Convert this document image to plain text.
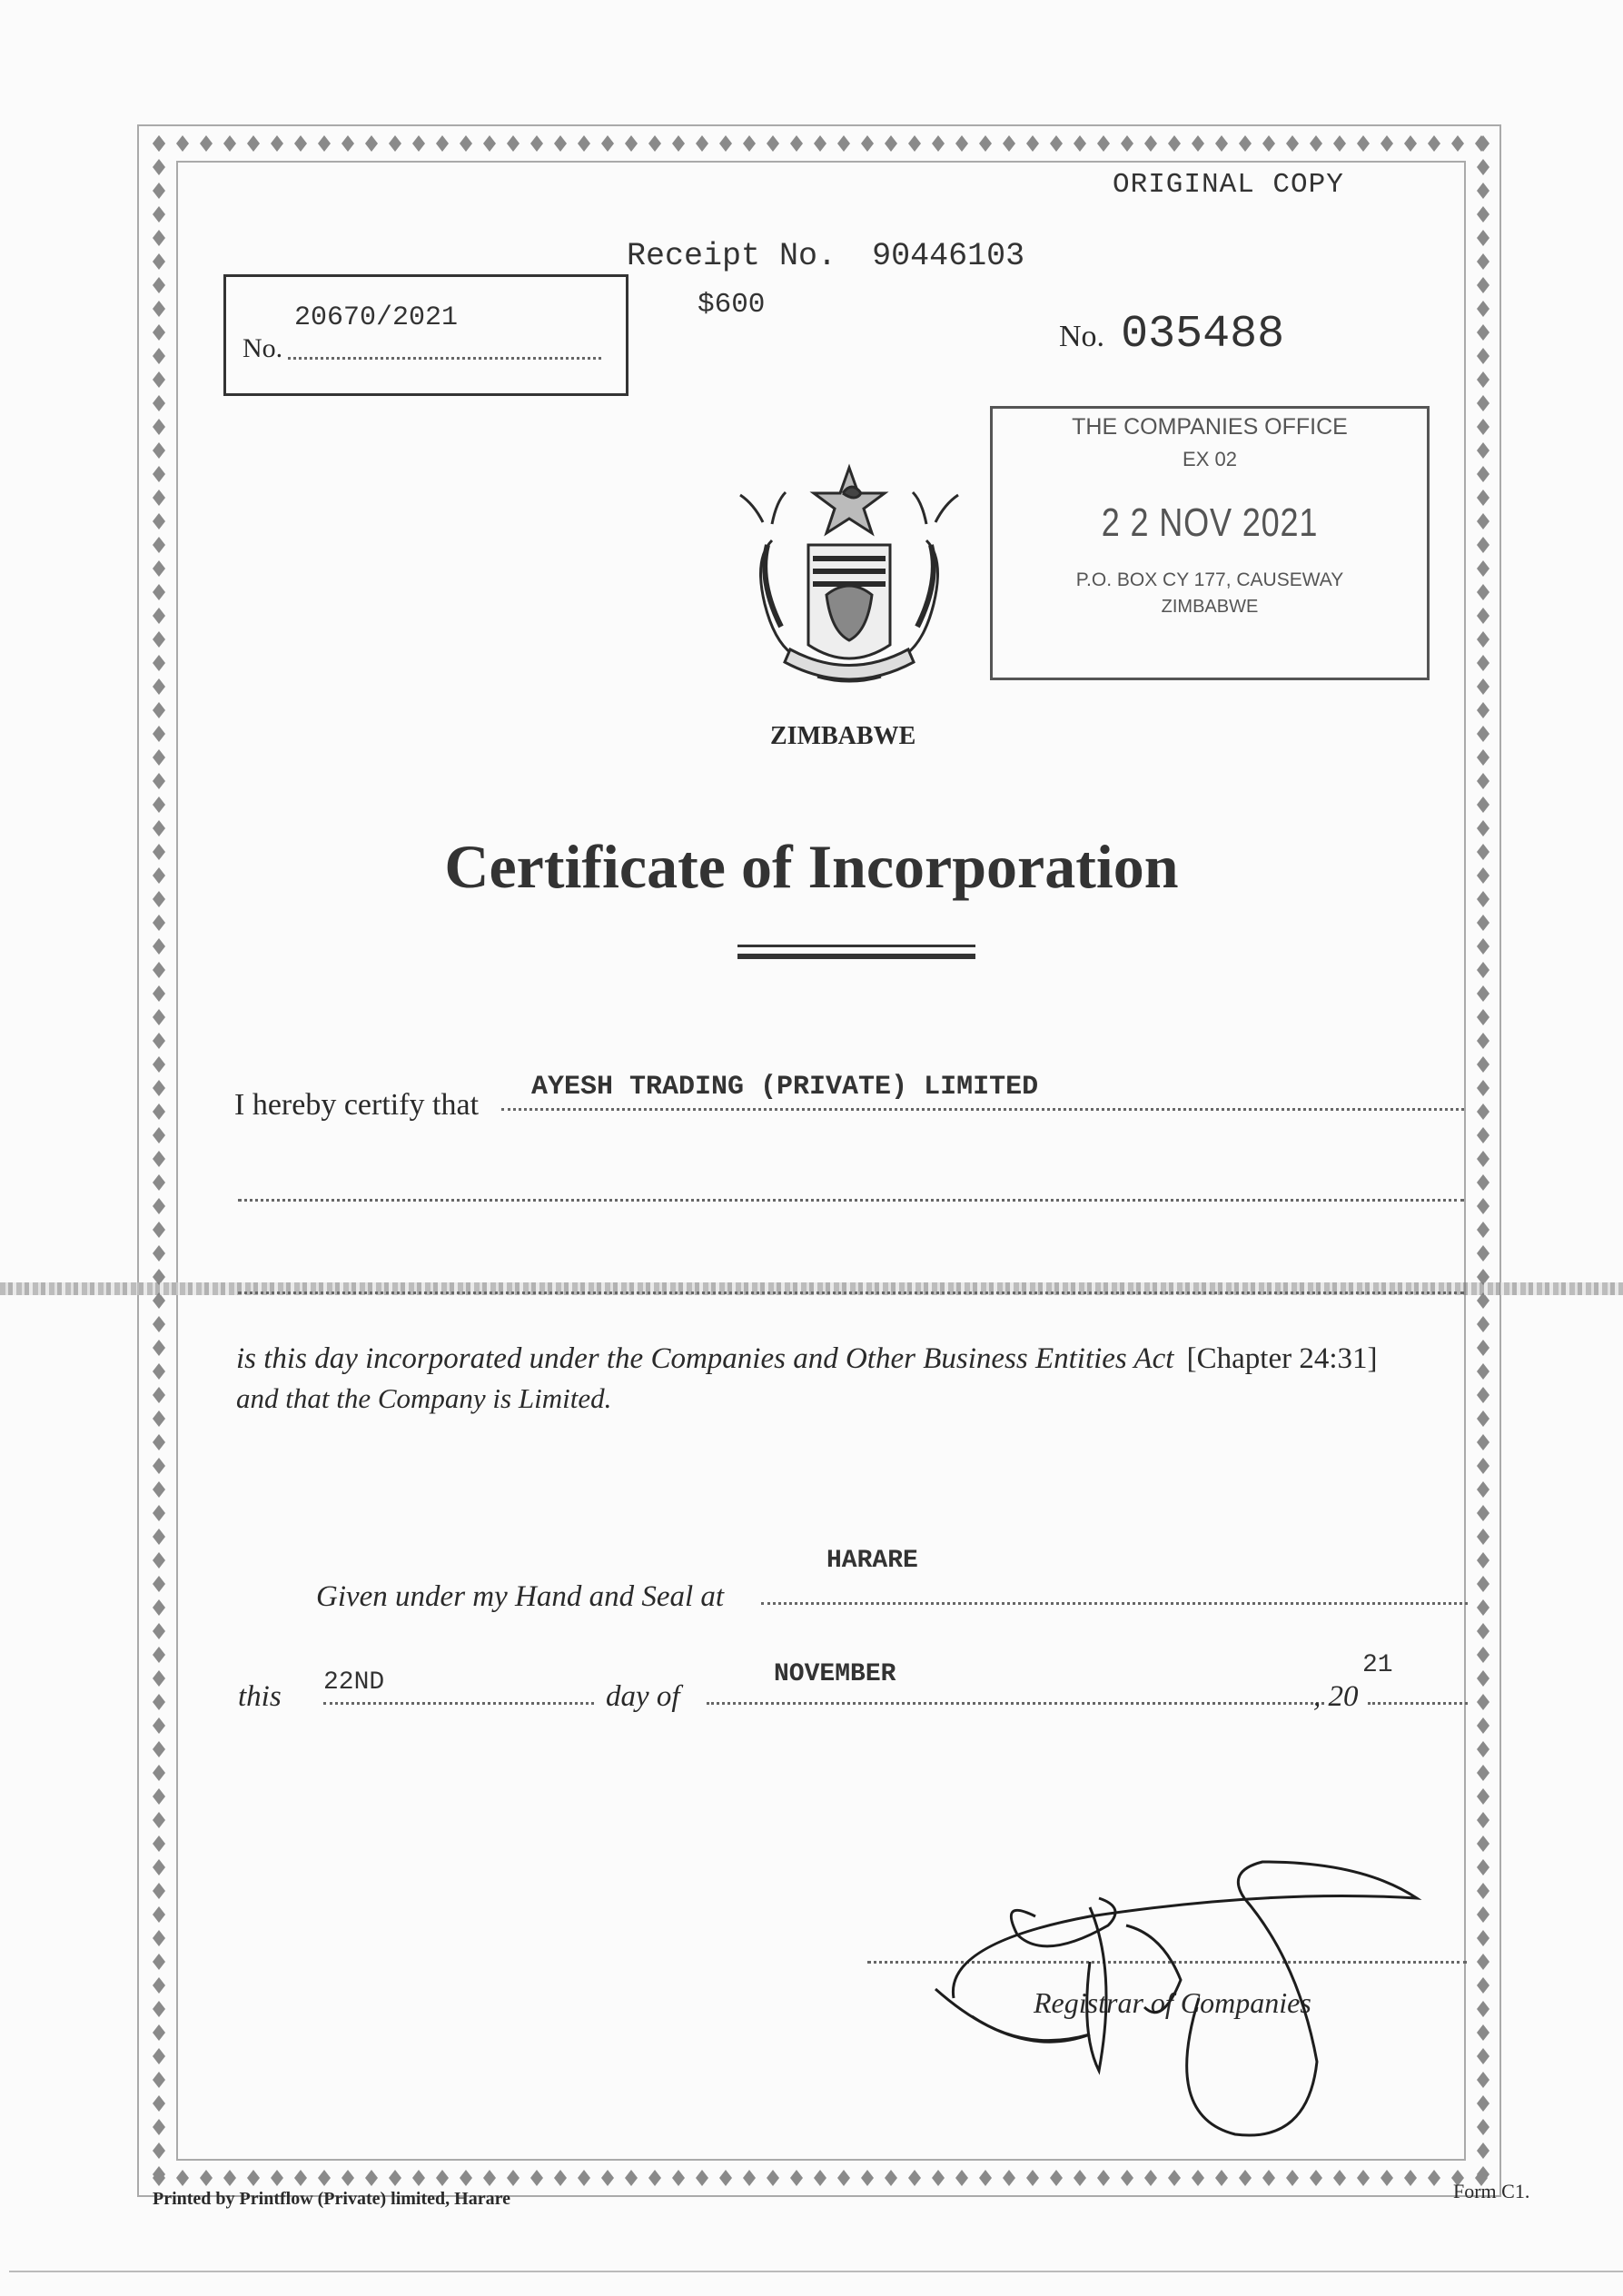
ORIGINAL COPY
Receipt No. 90446103
$600
20670/2021
No.	No. 035488
THE COMPANIES OFFICE
EX 02
2 2 NOV 2021
P.O. BOX CY 177, CAUSEWAY
ZIMBABWE
ZIMBABWE
Certificate of Incorporation
I hereby certify that
AYESH TRADING (PRIVATE) LIMITED
is this day incorporated under the Companies and Other Business Entities Act [Chapter 24:31]
and that the Company is Limited.
HARARE
Given under my Hand and Seal at
this 22ND	day of
NOVEMBER
, 20
21
Registrar of Companies
Printed by Printflow (Private) limited, Harare	Form C1.
